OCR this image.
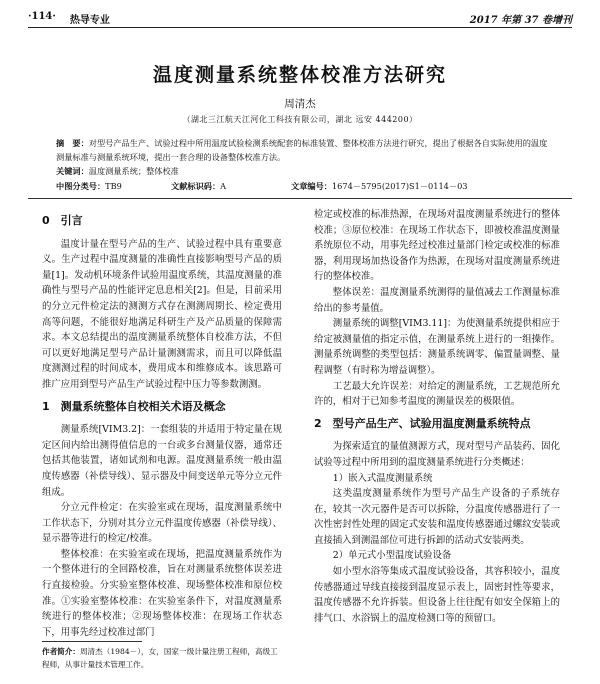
·114· 热导专业	2017 年第 37 卷增刊
温度测量系统整体校准方法研究
周清杰
（湖北三江航天江河化工科技有限公司，湖北 远安 444200）
摘　要：对型号产品生产、试验过程中所用温度试验检测系统配套的标准装置、整体校准方法进行研究，提出了根据各自实际使用的温度测量标准与测量系统环境，提出一套合理的设备整体校准方法。
关键词：温度测量系统；整体校准
中图分类号：TB9	文献标识码：A	文章编号：1674－5795(2017)S1－0114－03
0　引言

温度计量在型号产品的生产、试验过程中具有重要意义。生产过程中温度测量的准确性直接影响型号产品的质量[1]。发动机环境条件试验用温度系统，其温度测量的准确性与型号产品的性能评定息息相关[2]。但是，目前采用的分立元件检定法的测测方式存在测测周期长、检定费用高等问题，不能很好地满足科研生产及产品质量的保障需求。本文总结提出的温度测量系统整体自校准方法，不但可以更好地满足型号产品计量测测需求，而且可以降低温度测测过程的时间成本，费用成本和维修成本。该思路可推广应用到型号产品生产试验过程中压力等参数测测。

1　测量系统整体自校相关术语及概念

测量系统[VIM3.2]：一套组装的并适用于特定量在规定区间内给出测得值信息的一台或多台测量仪器，通常还包括其他装置，诸如试剂和电源。温度测量系统一般由温度传感器（补偿导线）、显示器及中间变送单元等分立元件组成。

分立元件检定：在实验室或在现场，温度测量系统中工作状态下，分别对其分立元件温度传感器（补偿导线）、显示器等进行的检定/校准。

整体校准：在实验室或在现场，把温度测量系统作为一个整体进行的全回路校准，旨在对测量系统整体误差进行直接检验。分实验室整体校准、现场整体校准和原位校准。①实验室整体校准：在实验室条件下，对温度测量系统进行的整体校准；②现场整体校准：在现场工作状态下，用事先经过校准过部门

检定或校准的标准热源，在现场对温度测量系统进行的整体校准；③原位校准：在现场工作状态下，即被校准温度测量系统原位不动，用事先经过校准过量部门检定或校准的标准器，利用现场加热设备作为热源，在现场对温度测量系统进行的整体校准。

整体误差：温度测量系统测得的量值减去工作测量标准给出的参考量值。

测量系统的调整[VIM3.11]：为使测量系统提供相应于给定被测量值的指定示值，在测量系统上进行的一组操作。测量系统调整的类型包括：测量系统调零、偏置量调整、量程调整（有时称为增益调整）。

工艺最大允许误差：对给定的测量系统，工艺规范所允许的，相对于已知参考温度的测量误差的极限值。

2　型号产品生产、试验用温度测量系统特点

为探索适宜的量值测源方式，现对型号产品装药、固化试验等过程中所用到的温度测量系统进行分类概述：

1）嵌入式温度测量系统

这类温度测量系统作为型号产品生产设备的子系统存在，较其一次元器件是否可以拆除，分温度传感器进行了一次性密封性处理的固定式安装和温度传感器通过螺纹安装或直接插入到测温部位可进行拆卸的活动式安装两类。

2）单元式小型温度试验设备

如小型水浴等集成式温度试验设备，其容积较小，温度传感器通过导线直接接到温度显示表上，固密封性等要求，温度传感器不允许拆装。但设备上往往配有如安全保箱上的排气口、水浴锅上的温度检测口等的预留口。

作者简介：周清杰（1984－），女，国家一级计量注册工程师，高级工程师，从事计量技术管理工作。
